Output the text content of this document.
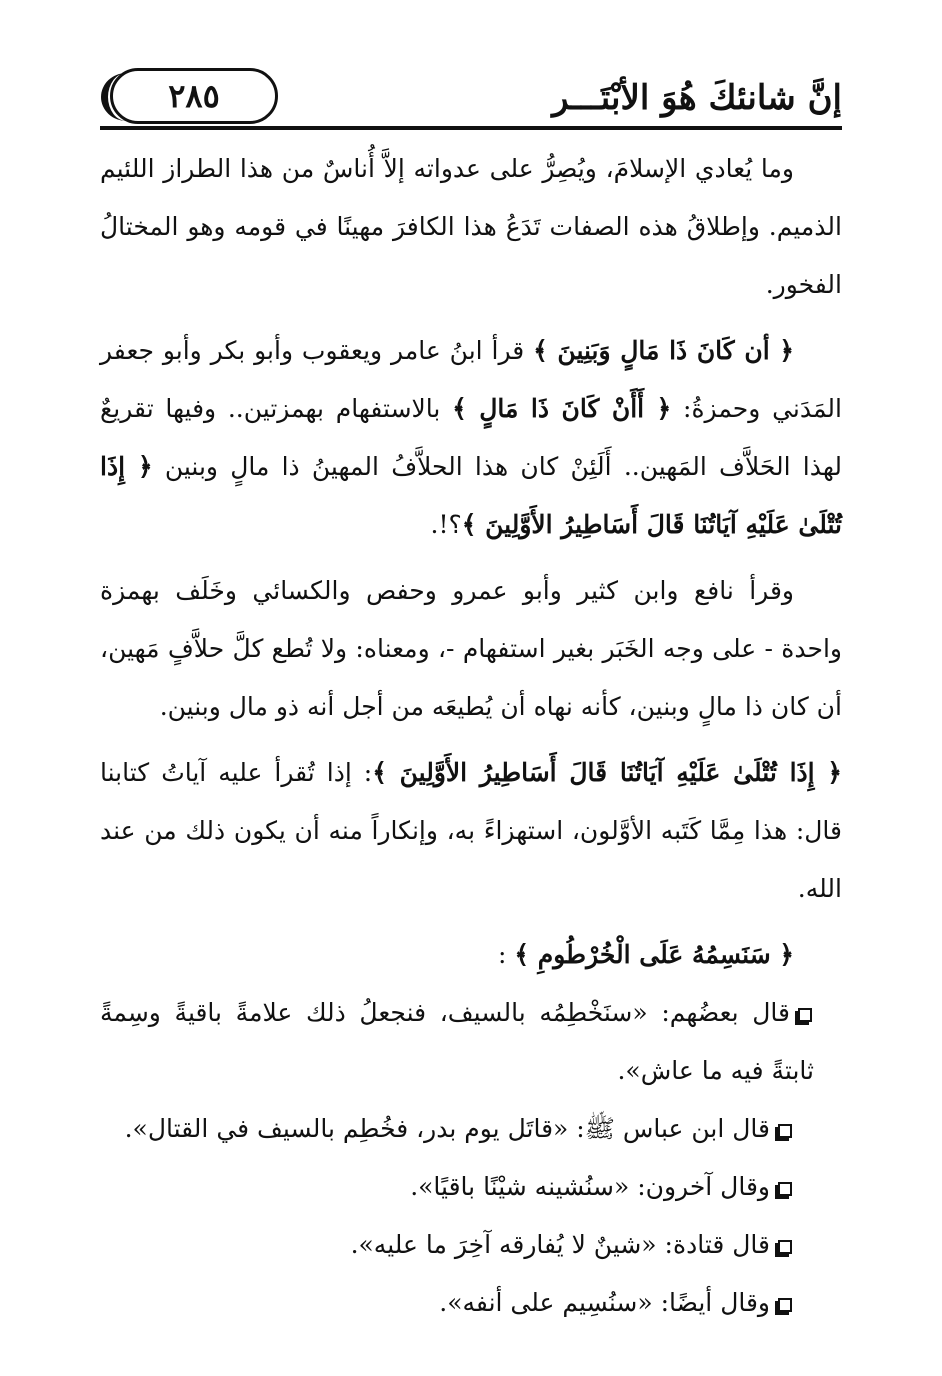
إنَّ شانئكَ هُوَ الأبْتَـــر
٢٨٥

وما يُعادي الإسلامَ، ويُصِرُّ على عدواته إلاَّ أُناسٌ من هذا الطراز اللئيم الذميم. وإطلاقُ هذه الصفات تَدَعُ هذا الكافرَ مهينًا في قومه وهو المختالُ الفخور.

﴿ أن كَانَ ذَا مَالٍ وَبَنِينَ ﴾ قرأ ابنُ عامر ويعقوب وأبو بكر وأبو جعفر المَدَني وحمزةُ: ﴿ أَأَنْ كَانَ ذَا مَالٍ ﴾ بالاستفهام بهمزتين.. وفيها تقريعٌ لهذا الحَلاَّف المَهين.. أَلَئِنْ كان هذا الحلاَّفُ المهينُ ذا مالٍ وبنين ﴿ إِذَا تُتْلَىٰ عَلَيْهِ آيَاتُنَا قَالَ أَسَاطِيرُ الأَوَّلِينَ ﴾؟!.

وقرأ نافع وابن كثير وأبو عمرو وحفص والكسائي وخَلَف بهمزة واحدة - على وجه الخَبَر بغير استفهام -، ومعناه: ولا تُطع كلَّ حلاَّفٍ مَهين، أن كان ذا مالٍ وبنين، كأنه نهاه أن يُطيعَه من أجل أنه ذو مال وبنين.

﴿ إِذَا تُتْلَىٰ عَلَيْهِ آيَاتُنَا قَالَ أَسَاطِيرُ الأَوَّلِينَ ﴾: إذا تُقرأ عليه آياتُ كتابنا قال: هذا مِمَّا كَتَبه الأوَّلون، استهزاءً به، وإنكاراً منه أن يكون ذلك من عند الله.

﴿ سَنَسِمُهُ عَلَى الْخُرْطُومِ ﴾ :

قال بعضُهم: «سنَخْطِمُه بالسيف، فنجعلُ ذلك علامةً باقيةً وسِمةً ثابتةً فيه ما عاش».

قال ابن عباس ﷺ: «قاتَل يوم بدر، فخُطِم بالسيف في القتال».

وقال آخرون: «سنُشينه شيْنًا باقيًا».

قال قتادة: «شينٌ لا يُفارقه آخِرَ ما عليه».

وقال أيضًا: «سنُسِيم على أنفه».
